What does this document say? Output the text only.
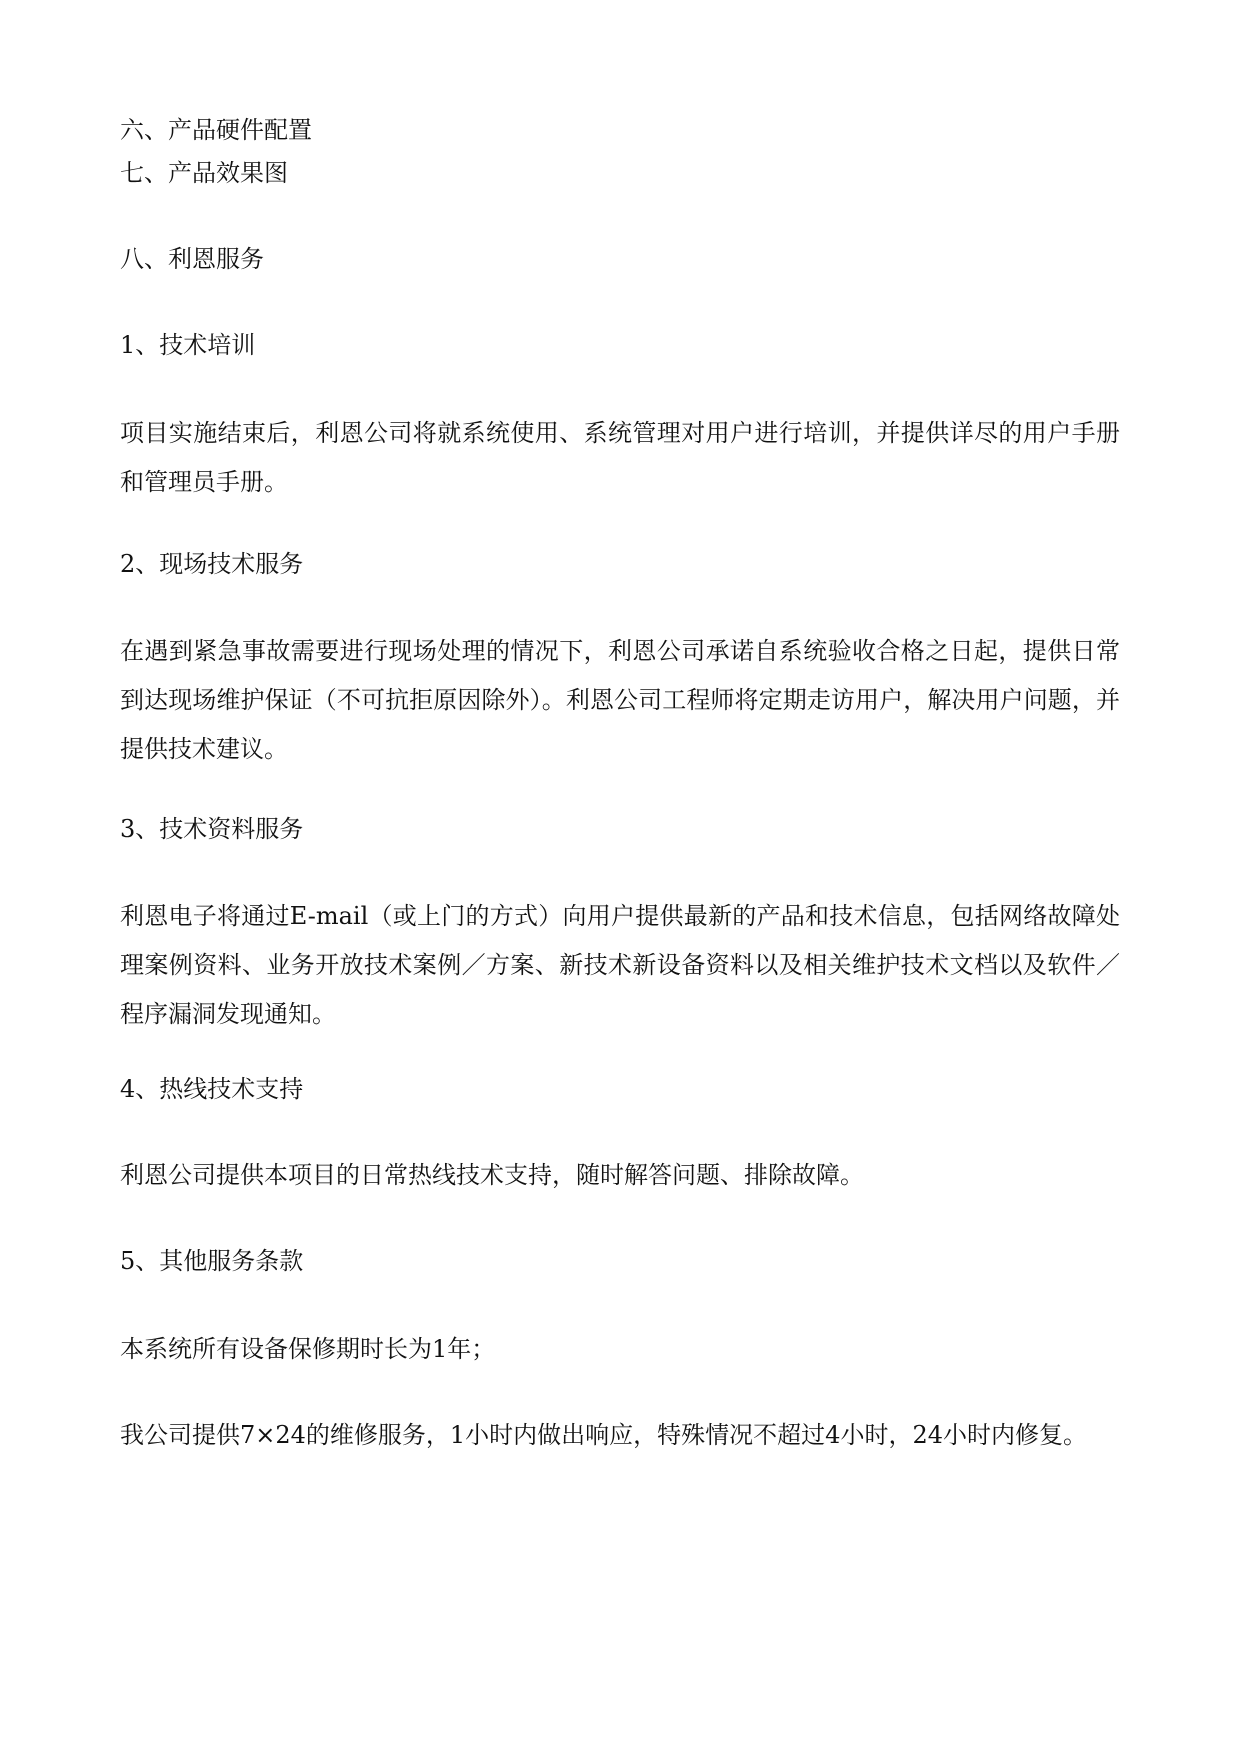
六、产品硬件配置
七、产品效果图
八、利恩服务
1、技术培训
项目实施结束后，利恩公司将就系统使用、系统管理对用户进行培训，并提供详尽的用户手册和管理员手册。
2、现场技术服务
在遇到紧急事故需要进行现场处理的情况下，利恩公司承诺自系统验收合格之日起，提供日常到达现场维护保证（不可抗拒原因除外）。利恩公司工程师将定期走访用户，解决用户问题，并提供技术建议。
3、技术资料服务
利恩电子将通过E-mail（或上门的方式）向用户提供最新的产品和技术信息，包括网络故障处理案例资料、业务开放技术案例／方案、新技术新设备资料以及相关维护技术文档以及软件／程序漏洞发现通知。
4、热线技术支持
利恩公司提供本项目的日常热线技术支持，随时解答问题、排除故障。
5、其他服务条款
本系统所有设备保修期时长为1年；
我公司提供7×24的维修服务，1小时内做出响应，特殊情况不超过4小时，24小时内修复。
